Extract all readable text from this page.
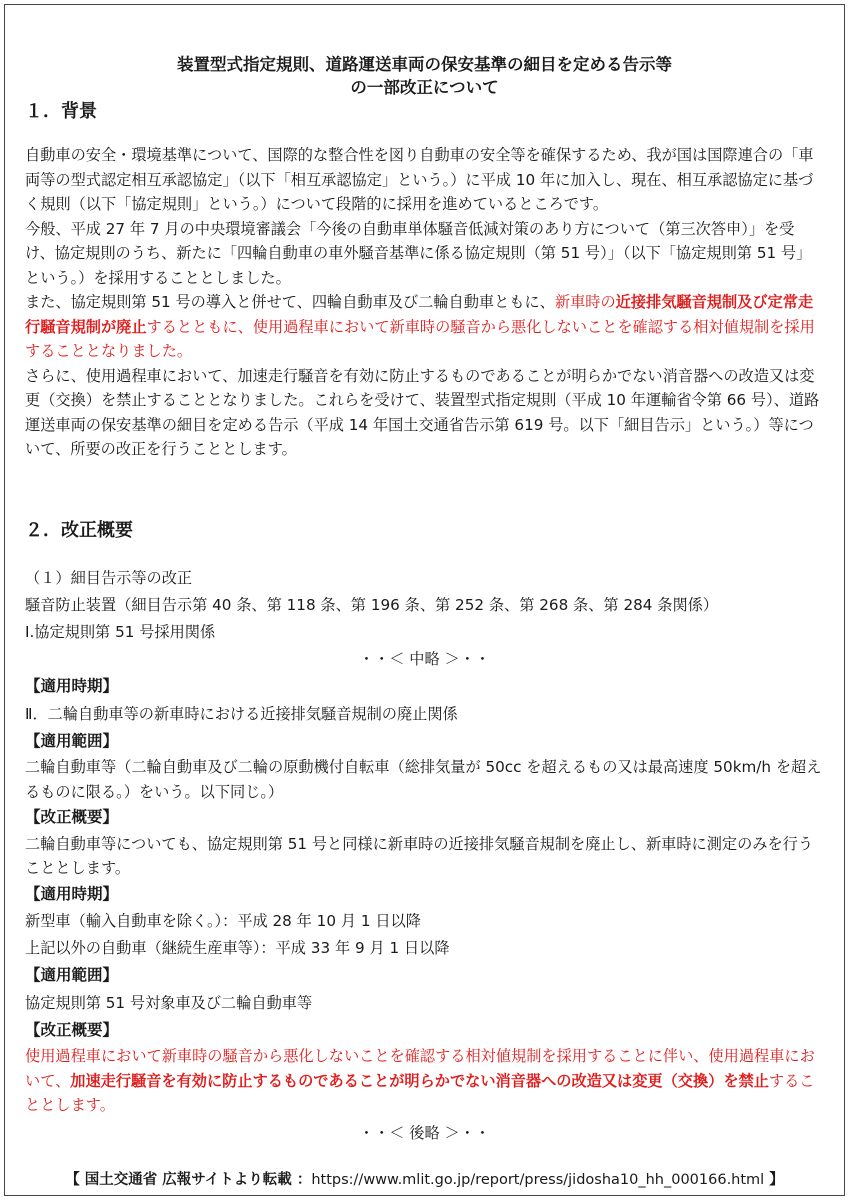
装置型式指定規則、道路運送車両の保安基準の細目を定める告示等
の一部改正について
１．背景
自動車の安全・環境基準について、国際的な整合性を図り自動車の安全等を確保するため、我が国は国際連合の「車両等の型式認定相互承認協定」（以下「相互承認協定」という。）に平成 10 年に加入し、現在、相互承認協定に基づく規則（以下「協定規則」という。）について段階的に採用を進めているところです。
今般、平成 27 年 7 月の中央環境審議会「今後の自動車単体騒音低減対策のあり方について（第三次答申）」を受け、協定規則のうち、新たに「四輪自動車の車外騒音基準に係る協定規則（第 51 号）」（以下「協定規則第 51 号」という。）を採用することとしました。
また、協定規則第 51 号の導入と併せて、四輪自動車及び二輪自動車ともに、新車時の近接排気騒音規制及び定常走行騒音規制が廃止するとともに、使用過程車において新車時の騒音から悪化しないことを確認する相対値規制を採用することとなりました。
さらに、使用過程車において、加速走行騒音を有効に防止するものであることが明らかでない消音器への改造又は変更（交換）を禁止することとなりました。これらを受けて、装置型式指定規則（平成 10 年運輸省令第 66 号）、道路運送車両の保安基準の細目を定める告示（平成 14 年国土交通省告示第 619 号。以下「細目告示」という。）等について、所要の改正を行うこととします。
２．改正概要
（１）細目告示等の改正
騒音防止装置（細目告示第 40 条、第 118 条、第 196 条、第 252 条、第 268 条、第 284 条関係）
Ⅰ.協定規則第 51 号採用関係
・・＜ 中略 ＞・・
【適用時期】
Ⅱ．二輪自動車等の新車時における近接排気騒音規制の廃止関係
【適用範囲】
二輪自動車等（二輪自動車及び二輪の原動機付自転車（総排気量が 50cc を超えるもの又は最高速度 50km/h を超えるものに限る。）をいう。以下同じ。）
【改正概要】
二輪自動車等についても、協定規則第 51 号と同様に新車時の近接排気騒音規制を廃止し、新車時に測定のみを行うこととします。
【適用時期】
新型車（輸入自動車を除く。）：平成 28 年 10 月 1 日以降
上記以外の自動車（継続生産車等）：平成 33 年 9 月 1 日以降
【適用範囲】
協定規則第 51 号対象車及び二輪自動車等
【改正概要】
使用過程車において新車時の騒音から悪化しないことを確認する相対値規制を採用することに伴い、使用過程車において、加速走行騒音を有効に防止するものであることが明らかでない消音器への改造又は変更（交換）を禁止することとします。
・・＜ 後略 ＞・・
【 国土交通省 広報サイトより転載 ：https://www.mlit.go.jp/report/press/jidosha10_hh_000166.html 】
